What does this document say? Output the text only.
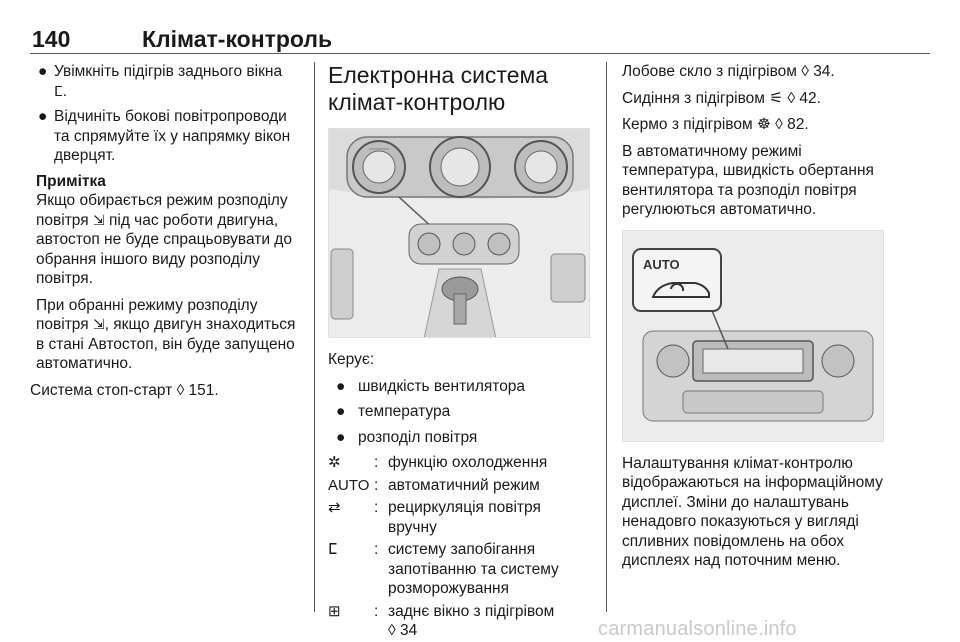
140	Клімат-контроль
● Увімкніть підігрів заднього вікна ⵎ.
● Відчиніть бокові повітропроводи та спрямуйте їх у напрямку вікон дверцят.
Примітка

Якщо обирається режим розподілу повітря ⇲ під час роботи двигуна, автостоп не буде спрацьовувати до обрання іншого виду розподілу повітря.

При обранні режиму розподілу повітря ⇲, якщо двигун знаходиться в стані Автостоп, він буде запущено автоматично.

Система стоп-старт ◊ 151.

Електронна система клімат-контролю

Керує:

● швидкість вентилятора
● температура
● розподіл повітря
✲	: функцію охолодження
AUTO : автоматичний режим
⇄	: рециркуляція повітря вручну
ⵎ	: систему запобігання запотіванню та систему розморожування
⊞	: заднє вікно з підігрівом
◊ 34

Лобове скло з підігрівом ◊ 34.

Сидіння з підігрівом ⚟ ◊ 42.

Кермо з підігрівом ☸ ◊ 82.

В автоматичному режимі температура, швидкість обертання вентилятора та розподіл повітря регулюються автоматично.

AUTO

Налаштування клімат-контролю відображаються на інформаційному дисплеї. Зміни до налаштувань ненадовго показуються у вигляді спливних повідомлень на обох дисплеях над поточним меню.

carmanualsonline.info
